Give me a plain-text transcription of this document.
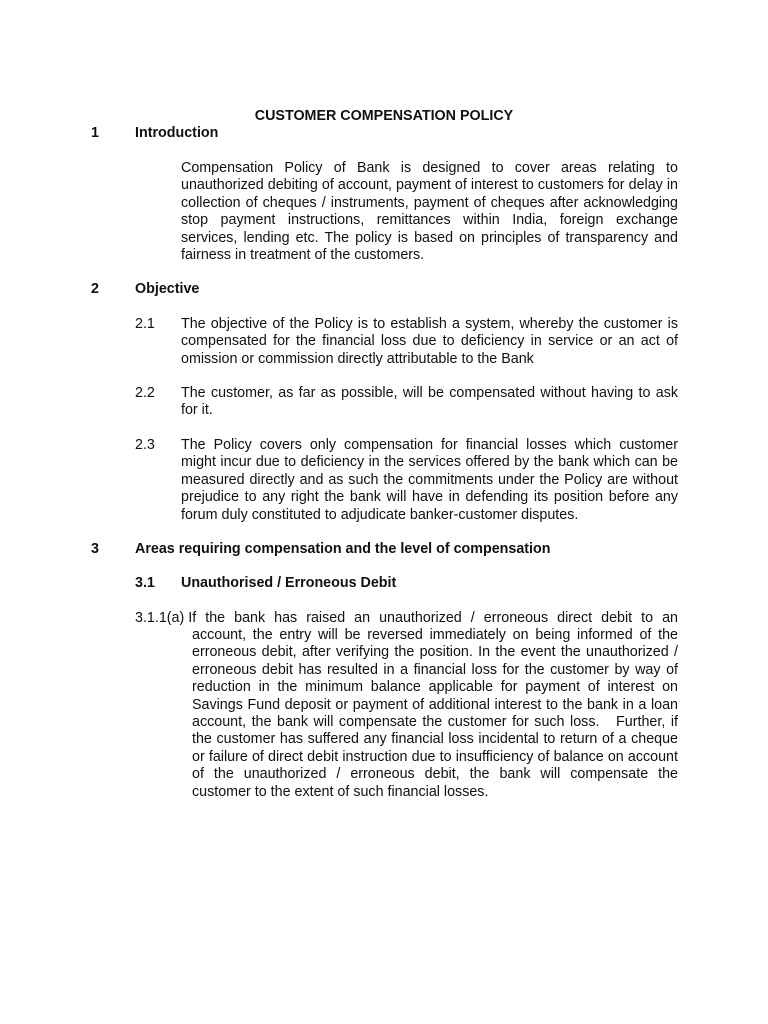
CUSTOMER COMPENSATION POLICY
1	Introduction
Compensation Policy of Bank is designed to cover areas relating to unauthorized debiting of account, payment of interest to customers for delay in collection of cheques / instruments, payment of cheques after acknowledging stop payment instructions, remittances within India, foreign exchange services, lending etc. The policy is based on principles of transparency and fairness in treatment of the customers.
2	Objective
2.1 The objective of the Policy is to establish a system, whereby the customer is compensated for the financial loss due to deficiency in service or an act of omission or commission directly attributable to the Bank
2.2 The customer, as far as possible, will be compensated without having to ask for it.
2.3 The Policy covers only compensation for financial losses which customer might incur due to deficiency in the services offered by the bank which can be measured directly and as such the commitments under the Policy are without prejudice to any right the bank will have in defending its position before any forum duly constituted to adjudicate banker-customer disputes.
3	Areas requiring compensation and the level of compensation
3.1 Unauthorised / Erroneous Debit
3.1.1(a) If the bank has raised an unauthorized / erroneous direct debit to an
account, the entry will be reversed immediately on being informed of the erroneous debit, after verifying the position. In the event the unauthorized / erroneous debit has resulted in a financial loss for the customer by way of reduction in the minimum balance applicable for payment of interest on Savings Fund deposit or payment of additional interest to the bank in a loan account, the bank will compensate the customer for such loss.   Further, if the customer has suffered any financial loss incidental to return of a cheque or failure of direct debit instruction due to insufficiency of balance on account of the unauthorized / erroneous debit, the bank will compensate the customer to the extent of such financial losses.
